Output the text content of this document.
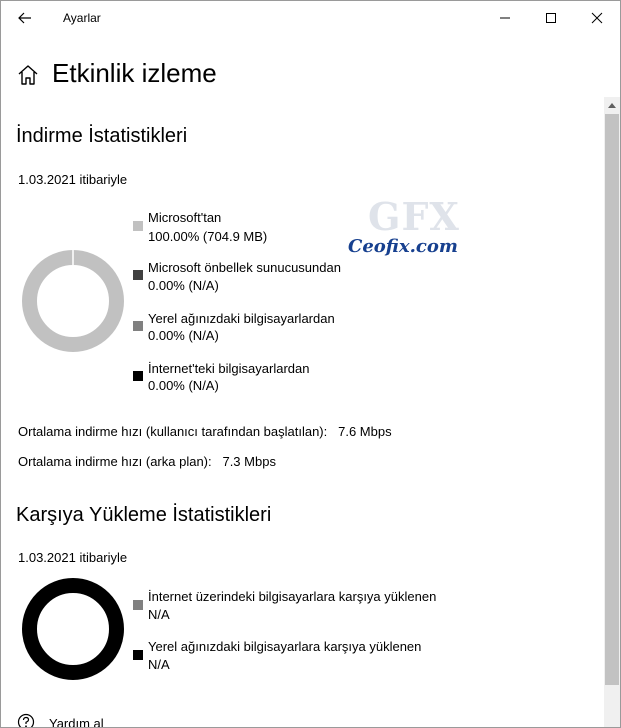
Ayarlar
Etkinlik izleme
İndirme İstatistikleri
1.03.2021 itibariyle
Microsoft'tan
100.00% (704.9 MB)
Microsoft önbellek sunucusundan
0.00% (N/A)
Yerel ağınızdaki bilgisayarlardan
0.00% (N/A)
İnternet'teki bilgisayarlardan
0.00% (N/A)
Ortalama indirme hızı (kullanıcı tarafından başlatılan): 7.6 Mbps
Ortalama indirme hızı (arka plan): 7.3 Mbps
Karşıya Yükleme İstatistikleri
1.03.2021 itibariyle
İnternet üzerindeki bilgisayarlara karşıya yüklenen
N/A
Yerel ağınızdaki bilgisayarlara karşıya yüklenen
N/A
Yardım al
GFX
Ceofix.com
